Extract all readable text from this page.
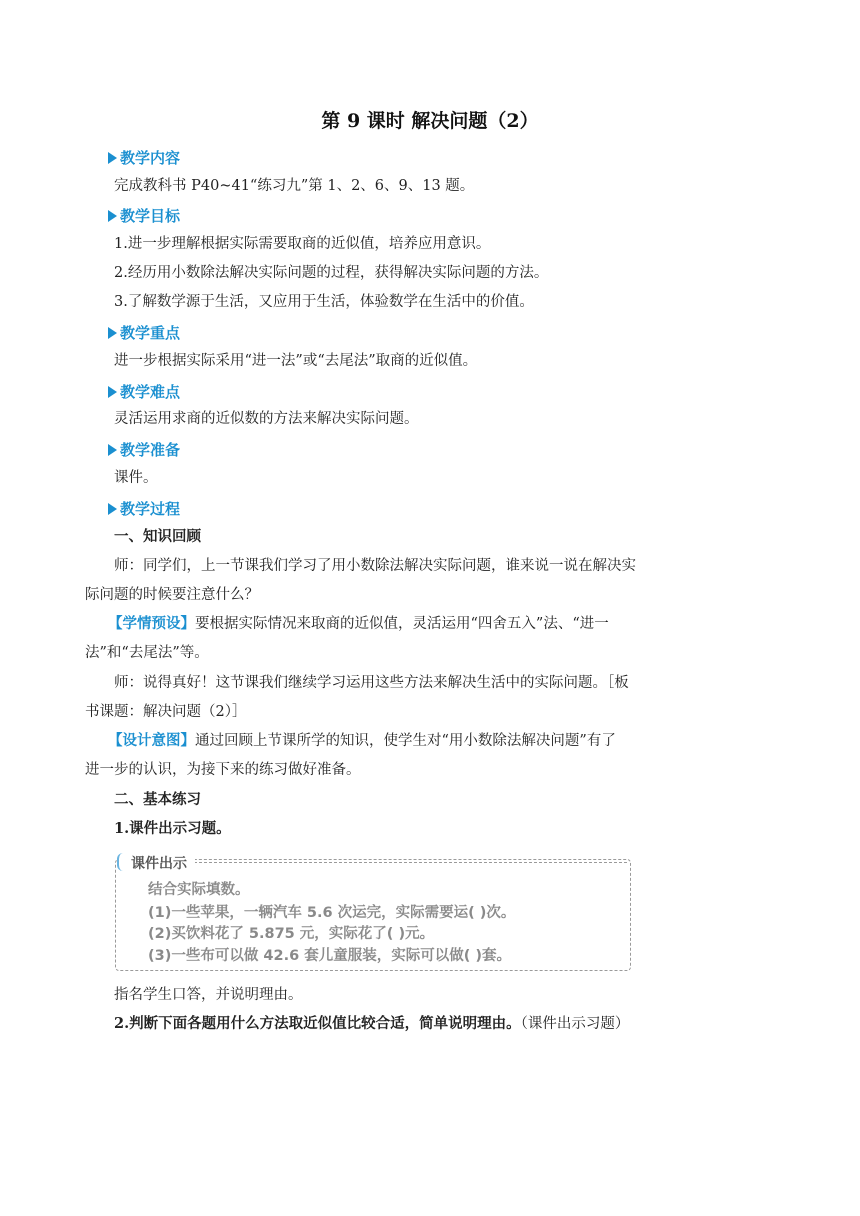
第 9 课时 解决问题（2）
教学内容
完成教科书 P40~41“练习九”第 1、2、6、9、13 题。
教学目标
1.进一步理解根据实际需要取商的近似值，培养应用意识。
2.经历用小数除法解决实际问题的过程，获得解决实际问题的方法。
3.了解数学源于生活，又应用于生活，体验数学在生活中的价值。
教学重点
进一步根据实际采用“进一法”或“去尾法”取商的近似值。
教学难点
灵活运用求商的近似数的方法来解决实际问题。
教学准备
课件。
教学过程
一、知识回顾
师：同学们，上一节课我们学习了用小数除法解决实际问题，谁来说一说在解决实
际问题的时候要注意什么？
【学情预设】要根据实际情况来取商的近似值，灵活运用“四舍五入”法、“进一
法”和“去尾法”等。
师：说得真好！这节课我们继续学习运用这些方法来解决生活中的实际问题。［板
书课题：解决问题（2）］
【设计意图】通过回顾上节课所学的知识，使学生对“用小数除法解决问题”有了
进一步的认识，为接下来的练习做好准备。
二、基本练习
1.课件出示习题。
课件出示
结合实际填数。
(1)一些苹果，一辆汽车 5.6 次运完，实际需要运( )次。
(2)买饮料花了 5.875 元，实际花了( )元。
(3)一些布可以做 42.6 套儿童服装，实际可以做( )套。
指名学生口答，并说明理由。
2.判断下面各题用什么方法取近似值比较合适，简单说明理由。（课件出示习题）
